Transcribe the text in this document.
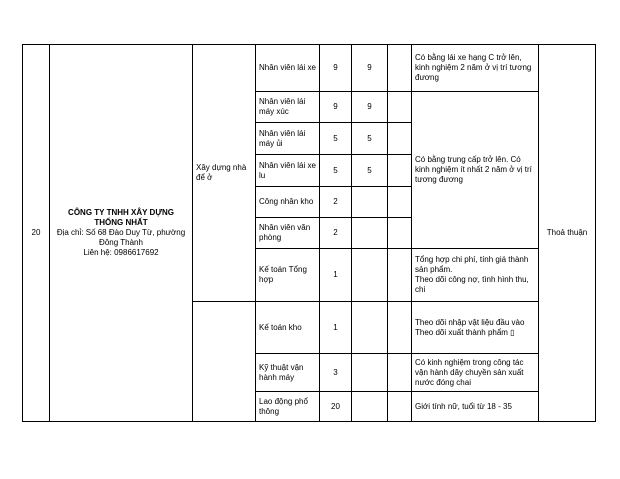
20	CÔNG TY TNHH XÂY DỰNG THỐNG NHẤT
Địa chỉ: Số 68 Đào Duy Từ, phường Đông Thành
Liên hệ: 0986617692	Xây dựng nhà để ở	Nhân viên lái xe	9	9		Có bằng lái xe hạng C trở lên, kinh nghiệm 2 năm ở vị trí tương đương	Thoả thuận
			Nhân viên lái máy xúc	9	9		Có bằng trung cấp trở lên. Có kinh nghiệm ít nhất 2 năm ở vị trí tương đương	
			Nhân viên lái máy ủi	5	5			
			Nhân viên lái xe lu	5	5			
			Công nhân kho	2				
			Nhân viên văn phòng	2				
			Kế toán Tổng hợp	1			Tổng hợp chi phí, tính giá thành sản phẩm.
Theo dõi công nợ, tình hình thu, chi	

			Kế toán kho	1			Theo dõi nhập vật liệu đầu vào
Theo dõi xuất thành phẩm ▯	

			Kỹ thuật vận hành máy	3			Có kinh nghiệm trong công tác vận hành dây chuyền sản xuất nước đóng chai	
			Lao động phổ thông	20			Giới tính nữ, tuổi từ 18 - 35	
